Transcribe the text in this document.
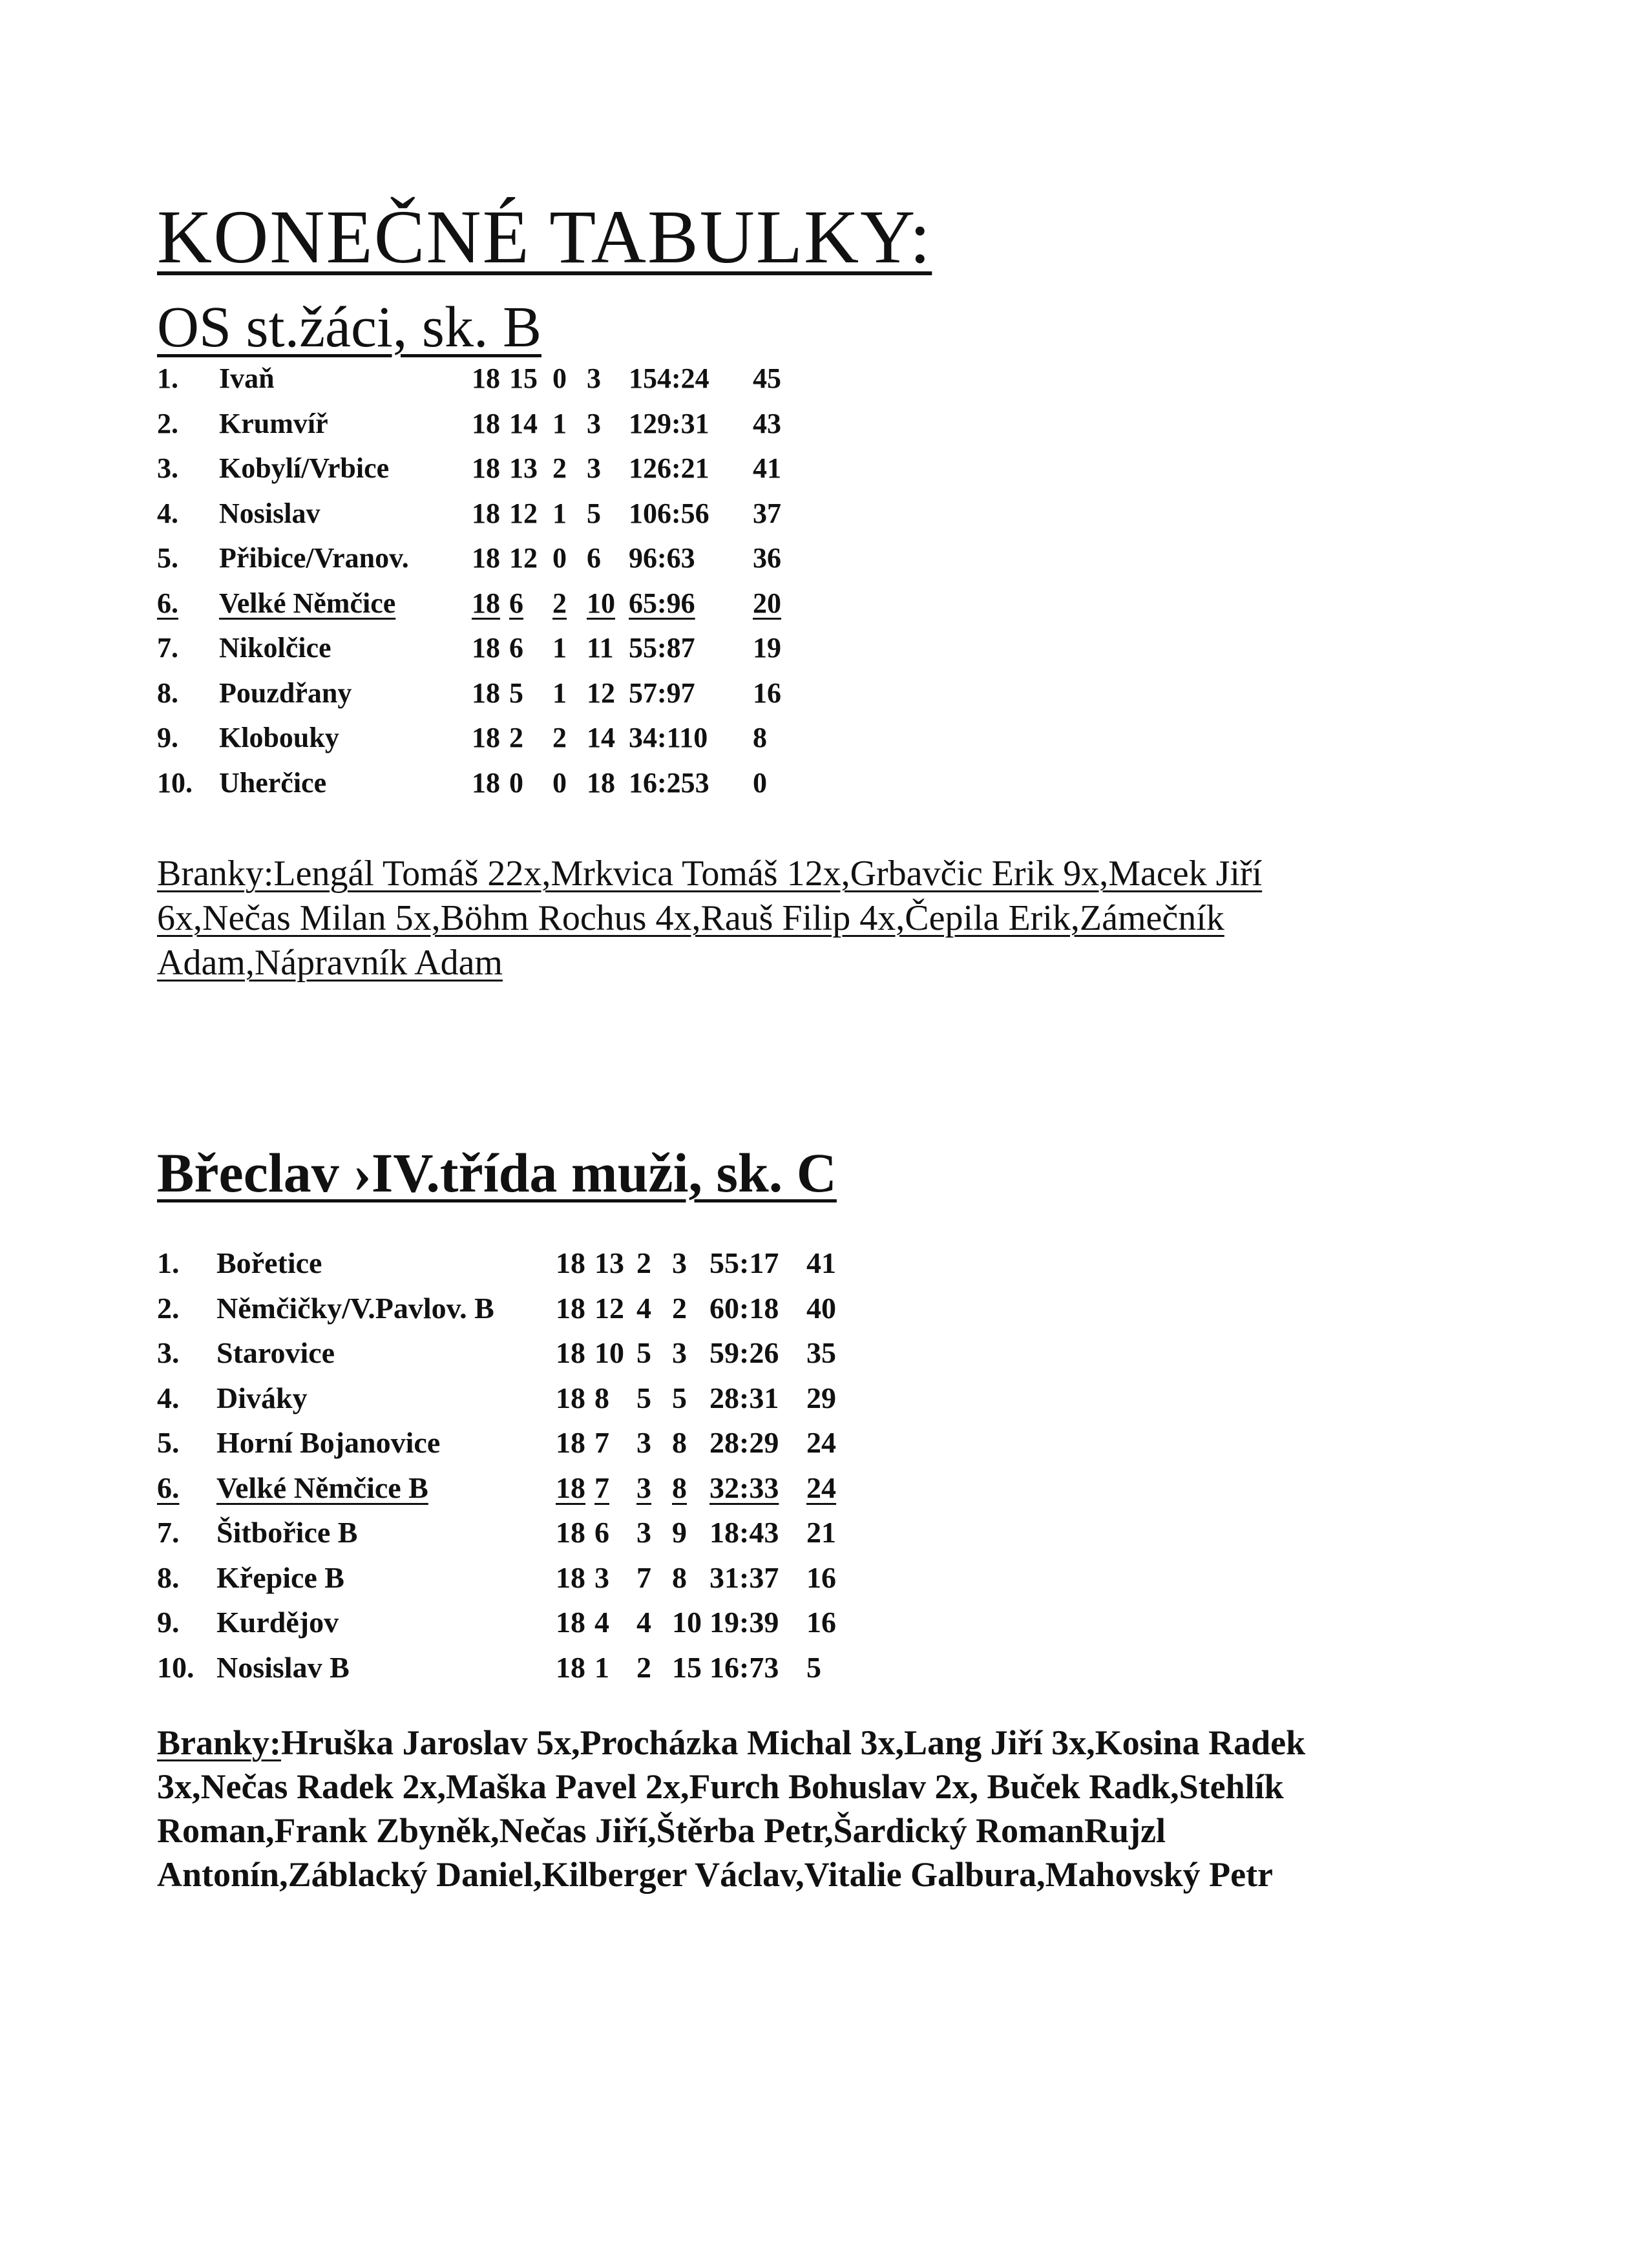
KONEČNÉ TABULKY:
OS st.žáci, sk. B
1. Ivaň	18 15 0 3 154:24 45
2. Krumvíř	18 14 1 3 129:31 43
3. Kobylí/Vrbice	18 13 2 3 126:21 41
4. Nosislav	18 12 1 5 106:56 37
5. Přibice/Vranov. 18 12 0 6 96:63 36
6. Velké Němčice	18 6 2 10 65:96 20
7. Nikolčice	18 6 1 11 55:87 19
8. Pouzdřany	18 5 1 12 57:97 16
9. Klobouky	18 2 2 14 34:110 8
10. Uherčice	18 0 0 18 16:253 0

Branky:Lengál Tomáš 22x,Mrkvica Tomáš 12x,Grbavčic Erik 9x,Macek Jiří
6x,Nečas Milan 5x,Böhm Rochus 4x,Rauš Filip 4x,Čepila Erik,Zámečník
Adam,Nápravník Adam

Břeclav ›IV.třída muži, sk. C
1. Bořetice	18 13 2 3 55:17 41
2. Němčičky/V.Pavlov. B 18 12 4 2 60:18 40
3. Starovice	18 10 5 3 59:26 35
4. Diváky	18 8 5 5 28:31 29
5. Horní Bojanovice	18 7 3 8 28:29 24
6. Velké Němčice B	18 7 3 8 32:33 24
7. Šitbořice B	18 6 3 9 18:43 21
8. Křepice B	18 3 7 8 31:37 16
9. Kurdějov	18 4 4 10 19:39 16
10. Nosislav B	18 1 2 15 16:73 5

Branky:Hruška Jaroslav 5x,Procházka Michal 3x,Lang Jiří 3x,Kosina Radek
3x,Nečas Radek 2x,Maška Pavel 2x,Furch Bohuslav 2x, Buček Radk,Stehlík
Roman,Frank Zbyněk,Nečas Jiří,Štěrba Petr,Šardický RomanRujzl
Antonín,Záblacký Daniel,Kilberger Václav,Vitalie Galbura,Mahovský Petr
